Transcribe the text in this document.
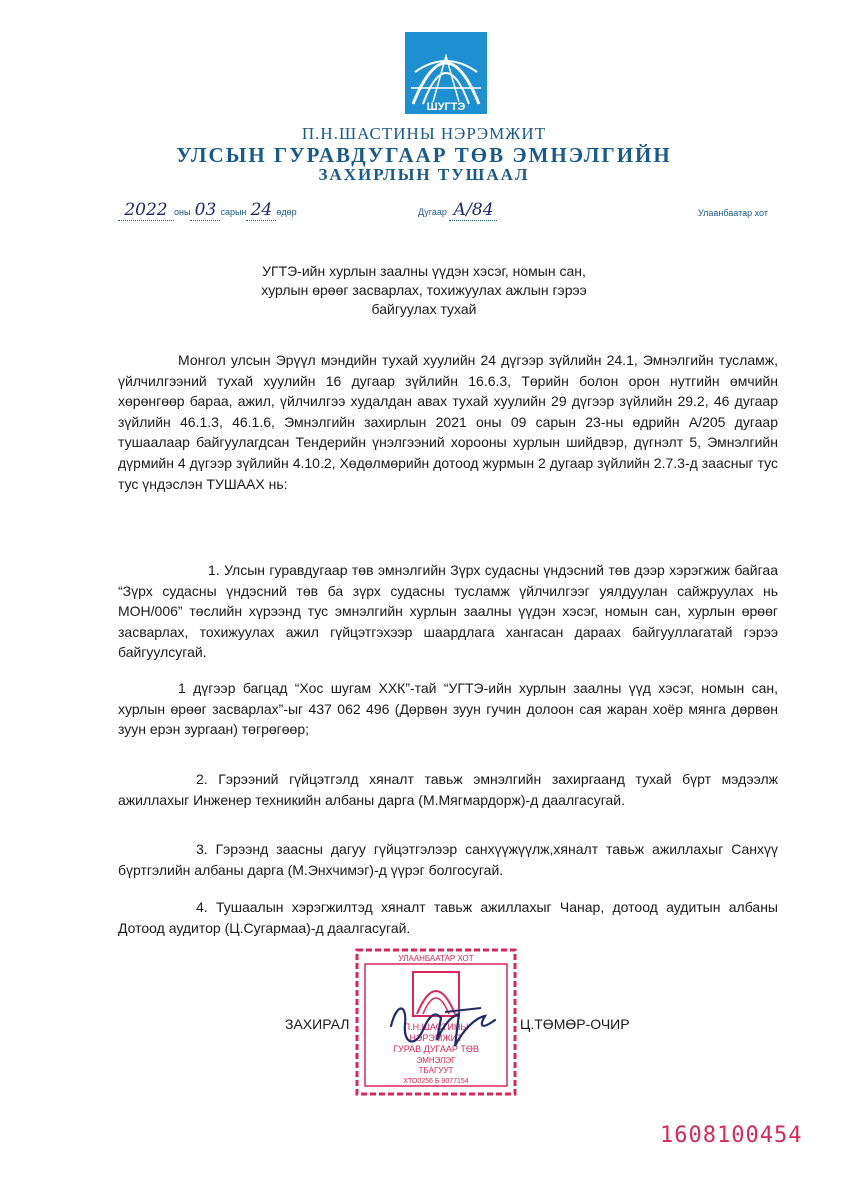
ШУГТЭ
П.Н.ШАСТИНЫ НЭРЭМЖИТ
УЛСЫН ГУРАВДУГААР ТӨВ ЭМНЭЛГИЙН
ЗАХИРЛЫН ТУШААЛ
2022 оны 03 сарын 24 өдөр	Дугаар А/84	Улаанбаатар хот
УГТЭ-ийн хурлын заалны үүдэн хэсэг, номын сан,
хурлын өрөөг засварлах, тохижуулах ажлын гэрээ
байгуулах тухай

Монгол улсын Эрүүл мэндийн тухай хуулийн 24 дүгээр зүйлийн 24.1, Эмнэлгийн тусламж, үйлчилгээний тухай хуулийн 16 дугаар зүйлийн 16.6.3, Төрийн болон орон нутгийн өмчийн хөрөнгөөр бараа, ажил, үйлчилгээ худалдан авах тухай хуулийн 29 дүгээр зүйлийн 29.2, 46 дугаар зүйлийн 46.1.3, 46.1.6, Эмнэлгийн захирлын 2021 оны 09 сарын 23-ны өдрийн А/205 дугаар тушаалаар байгуулагдсан Тендерийн үнэлгээний хорооны хурлын шийдвэр, дүгнэлт 5, Эмнэлгийн дүрмийн 4 дүгээр зүйлийн 4.10.2, Хөдөлмөрийн дотоод журмын 2 дугаар зүйлийн 2.7.3-д заасныг тус тус үндэслэн ТУШААХ нь:

1. Улсын гуравдугаар төв эмнэлгийн Зүрх судасны үндэсний төв дээр хэрэгжиж байгаа “Зүрх судасны үндэсний төв ба зүрх судасны тусламж үйлчилгээг уялдуулан сайжруулах нь МОН/006” төслийн хүрээнд тус эмнэлгийн хурлын заалны үүдэн хэсэг, номын сан, хурлын өрөөг засварлах, тохижуулах ажил гүйцэтгэхээр шаардлага хангасан дараах байгууллагатай гэрээ байгуулсугай.

1 дүгээр багцад “Хос шугам ХХК”-тай “УГТЭ-ийн хурлын заалны үүд хэсэг, номын сан, хурлын өрөөг засварлах”-ыг 437 062 496 (Дөрвөн зуун гучин долоон сая жаран хоёр мянга дөрвөн зуун ерэн зургаан) төгрөгөөр;

2. Гэрээний гүйцэтгэлд хяналт тавьж эмнэлгийн захиргаанд тухай бүрт мэдээлж ажиллахыг Инженер техникийн албаны дарга (М.Мягмардорж)-д даалгасугай.

3. Гэрээнд заасны дагуу гүйцэтгэлээр санхүүжүүлж,хяналт тавьж ажиллахыг Санхүү бүртгэлийн албаны дарга (М.Энхчимэг)-д үүрэг болгосугай.

4. Тушаалын хэрэгжилтэд хяналт тавьж ажиллахыг Чанар, дотоод аудитын албаны Дотоод аудитор (Ц.Сугармаа)-д даалгасугай.

УЛААНБААТАР ХОТ
П.Н.ШАСТИНЫ
НЭРЭМЖИТ
ГУРАВ ДУГААР ТӨВ
ЭМНЭЛЭГ
ТБАГУУТ
ХТО0256 Б 9077154
ЗАХИРАЛ	Ц.ТӨМӨР-ОЧИР
1608100454
